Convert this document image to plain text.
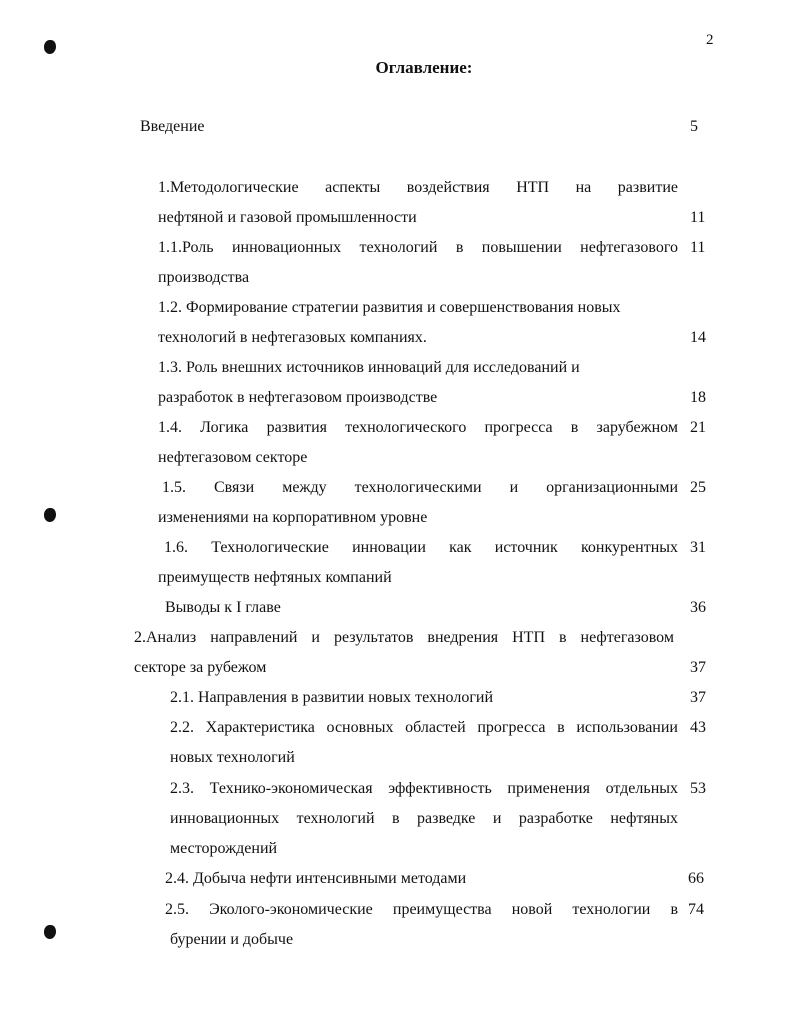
2
Оглавление:
Введение	5
1.Методологические аспекты воздействия НТП на развитие
нефтяной и газовой промышленности	11
1.1.Роль инновационных технологий в повышении нефтегазового 11
производства
1.2. Формирование стратегии развития и совершенствования новых
технологий в нефтегазовых компаниях.	14
1.3. Роль внешних источников инноваций для исследований и
разработок в нефтегазовом производстве	18
1.4. Логика развития технологического прогресса в зарубежном 21
нефтегазовом секторе
1.5. Связи между технологическими и организационными 25
изменениями на корпоративном уровне
1.6. Технологические инновации как источник конкурентных 31
преимуществ нефтяных компаний
Выводы к I главе	36
2.Анализ направлений и результатов внедрения НТП в нефтегазовом
секторе за рубежом	37
2.1. Направления в развитии новых технологий	37
2.2. Характеристика основных областей прогресса в использовании 43
новых технологий
2.3. Технико-экономическая эффективность применения отдельных 53
инновационных технологий в разведке и разработке нефтяных
месторождений
2.4. Добыча нефти интенсивными методами	66
2.5. Эколого-экономические преимущества новой технологии в 74
бурении и добыче
